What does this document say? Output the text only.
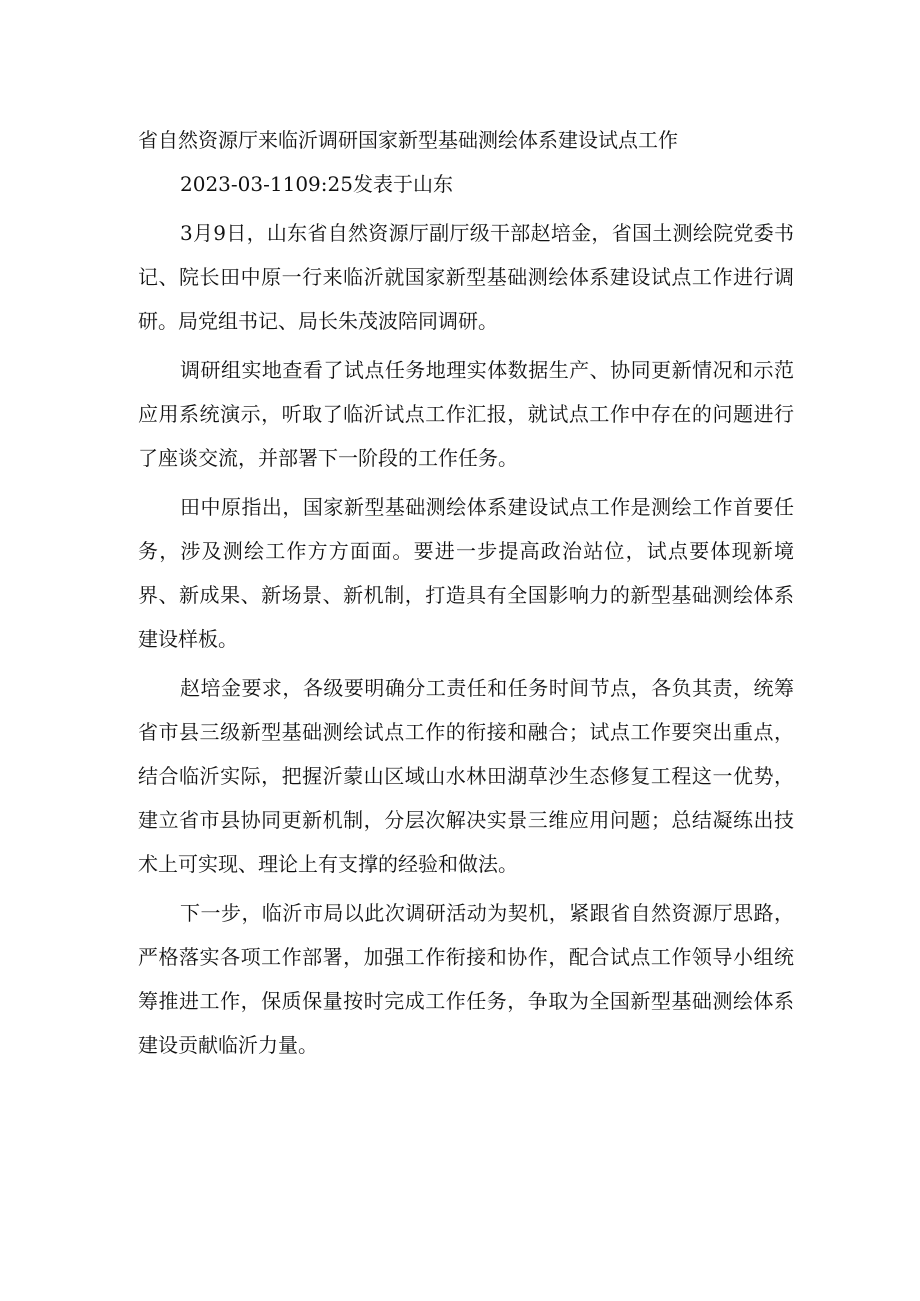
省自然资源厅来临沂调研国家新型基础测绘体系建设试点工作
2023-03-1109:25发表于山东

3月9日，山东省自然资源厅副厅级干部赵培金，省国土测绘院党委书记、院长田中原一行来临沂就国家新型基础测绘体系建设试点工作进行调研。局党组书记、局长朱茂波陪同调研。

调研组实地查看了试点任务地理实体数据生产、协同更新情况和示范应用系统演示，听取了临沂试点工作汇报，就试点工作中存在的问题进行了座谈交流，并部署下一阶段的工作任务。

田中原指出，国家新型基础测绘体系建设试点工作是测绘工作首要任务，涉及测绘工作方方面面。要进一步提高政治站位，试点要体现新境界、新成果、新场景、新机制，打造具有全国影响力的新型基础测绘体系建设样板。

赵培金要求，各级要明确分工责任和任务时间节点，各负其责，统筹省市县三级新型基础测绘试点工作的衔接和融合；试点工作要突出重点，结合临沂实际，把握沂蒙山区域山水林田湖草沙生态修复工程这一优势，建立省市县协同更新机制，分层次解决实景三维应用问题；总结凝练出技术上可实现、理论上有支撑的经验和做法。

下一步，临沂市局以此次调研活动为契机，紧跟省自然资源厅思路，严格落实各项工作部署，加强工作衔接和协作，配合试点工作领导小组统筹推进工作，保质保量按时完成工作任务，争取为全国新型基础测绘体系建设贡献临沂力量。
